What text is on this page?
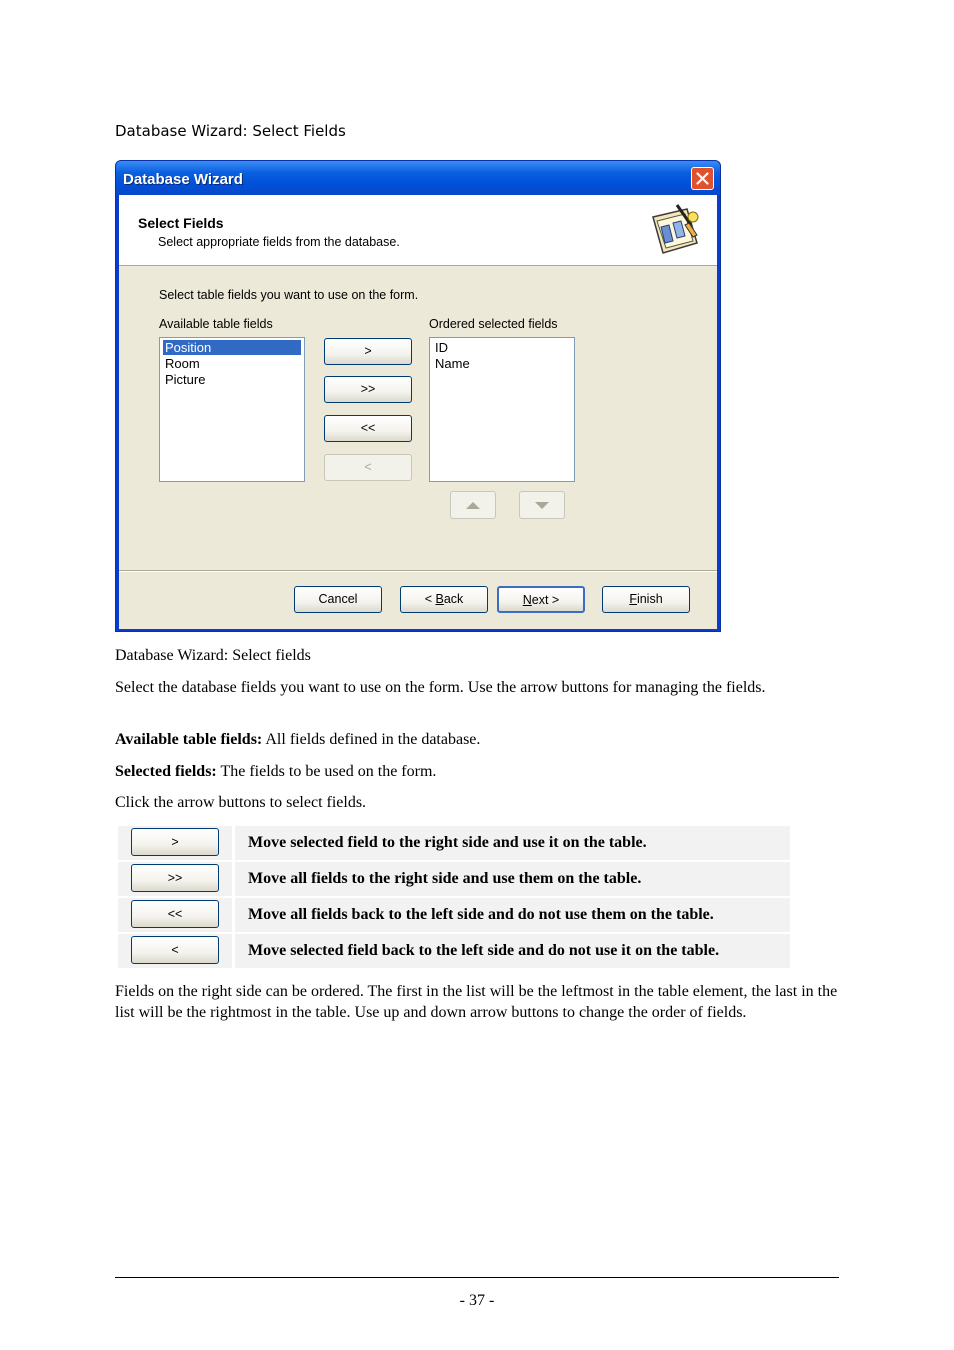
Database Wizard: Select Fields
Database Wizard
Select Fields
Select appropriate fields from the database.
Select table fields you want to use on the form.
Available table fields	Ordered selected fields
Position
Room
Picture
>
>>
<<
<
ID
Name
Cancel	< Back	Next >	Finish
Database Wizard: Select fields
Select the database fields you want to use on the form. Use the arrow buttons for managing the fields.
Available table fields: All fields defined in the database.
Selected fields: The fields to be used on the form.
Click the arrow buttons to select fields.
>	Move selected field to the right side and use it on the table.
>>	Move all fields to the right side and use them on the table.
<<	Move all fields back to the left side and do not use them on the table.
<	Move selected field back to the left side and do not use it on the table.
Fields on the right side can be ordered. The first in the list will be the leftmost in the table element, the last in the list will be the rightmost in the table. Use up and down arrow buttons to change the order of fields.
- 37 -
